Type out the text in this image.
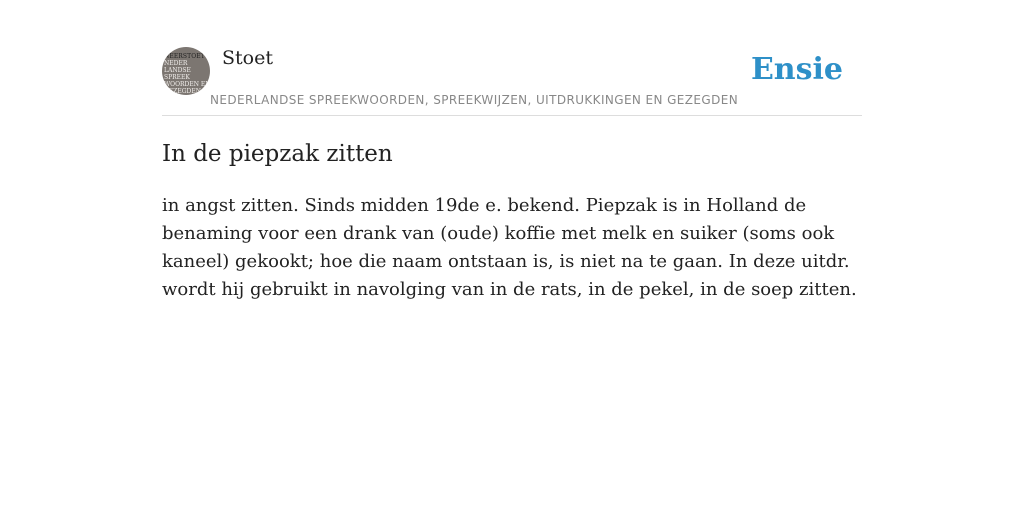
NEERSTOET
NEDER
LANDSE
SPREEK
WOORDEN EN
GEZEGDEN
Stoet	Ensie
NEDERLANDSE SPREEKWOORDEN, SPREEKWIJZEN, UITDRUKKINGEN EN GEZEGDEN
In de piepzak zitten

in angst zitten. Sinds midden 19de e. bekend. Piepzak is in Holland de benaming voor een drank van (oude) koffie met melk en suiker (soms ook kaneel) gekookt; hoe die naam ontstaan is, is niet na te gaan. In deze uitdr. wordt hij gebruikt in navolging van in de rats, in de pekel, in de soep zitten.
